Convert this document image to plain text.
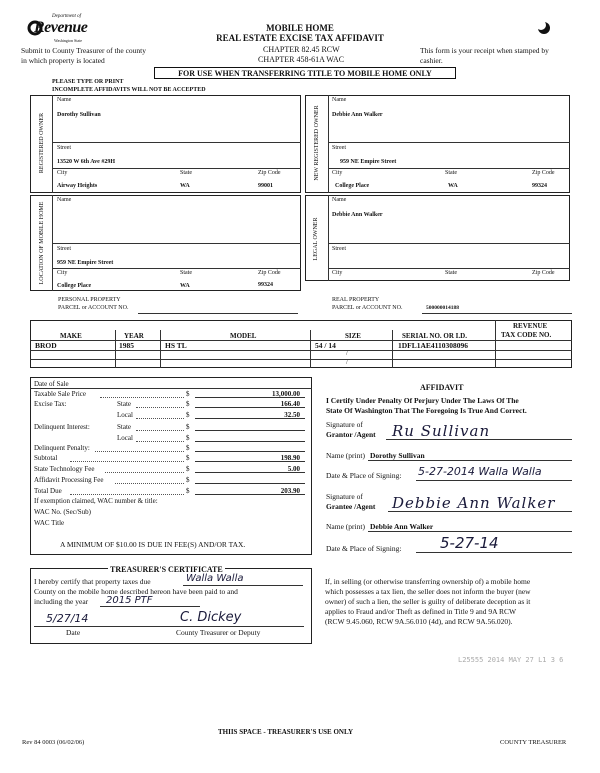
Department of
Revenue
Washington State
MOBILE HOME
REAL ESTATE EXCISE TAX AFFIDAVIT
CHAPTER 82.45 RCW
CHAPTER 458-61A WAC
Submit to County Treasurer of the county
in which property is located
This form is your receipt when stamped by
cashier.
FOR USE WHEN TRANSFERRING TITLE TO MOBILE HOME ONLY
PLEASE TYPE OR PRINT
INCOMPLETE AFFIDAVITS WILL NOT BE ACCEPTED
REGISTERED OWNER
Name
Dorothy Sullivan
Street
13520 W 6th Ave #29H
City	State	Zip Code
Airway Heights	WA	99001
NEW REGISTERED OWNER
Name
Debbie Ann Walker
Street
959 NE Empire Street
City	State	Zip Code
College Place	WA	99324
LOCATION OF MOBILE HOME
Name
Street
959 NE Empire Street
City	State	Zip Code
College Place	WA	99324
LEGAL OWNER
Name
Debbie Ann Walker
Street
City	State	Zip Code
PERSONAL PROPERTY
PARCEL or ACCOUNT NO.
REAL PROPERTY
PARCEL or ACCOUNT NO.	500000014188
MAKE	YEAR	MODEL	SIZE	SERIAL NO. OR I.D.
REVENUE
TAX CODE NO.
BROD	1985	HS TL	54 / 14	1DFL1AE4110308096
/
/
Date of Sale
Taxable Sale Price	$	13,000.00
Excise Tax:	State	$	166.40
Local	$	32.50
Delinquent Interest:	State	$
Local	$
Delinquent Penalty:	$
Subtotal	$	198.90
State Technology Fee	$	5.00
Affidavit Processing Fee	$
Total Due	$	203.90
If exemption claimed, WAC number & title:
WAC No. (Sec/Sub)
WAC Title
A MINIMUM OF $10.00 IS DUE IN FEE(S) AND/OR TAX.
AFFIDAVIT
I Certify Under Penalty Of Perjury Under The Laws Of The
State Of Washington That The Foregoing Is True And Correct.
Signature of
Grantor /Agent Ru Sullivan
Name (print) Dorothy Sullivan
Date & Place of Signing: 5-27-2014 Walla Walla
Signature of
Grantee /Agent Debbie Ann Walker
Name (print) Debbie Ann Walker
Date & Place of Signing:	5-27-14
TREASURER'S CERTIFICATE
I hereby certify that property taxes due	Walla Walla
County on the mobile home described hereon have been paid to and
including the year 2015 PTF
5/27/14	C. Dickey
Date	County Treasurer or Deputy
If, in selling (or otherwise transferring ownership of) a mobile home
which possesses a tax lien, the seller does not inform the buyer (new
owner) of such a lien, the seller is guilty of deliberate deception as it
applies to Fraud and/or Theft as defined in Title 9 and 9A RCW
(RCW 9.45.060, RCW 9A.56.010 (4d), and RCW 9A.56.020).
L25555 2014 MAY 27 L1 3 6
THIIS SPACE - TREASURER'S USE ONLY
Rev 84 0003 (06/02/06)	COUNTY TREASURER
